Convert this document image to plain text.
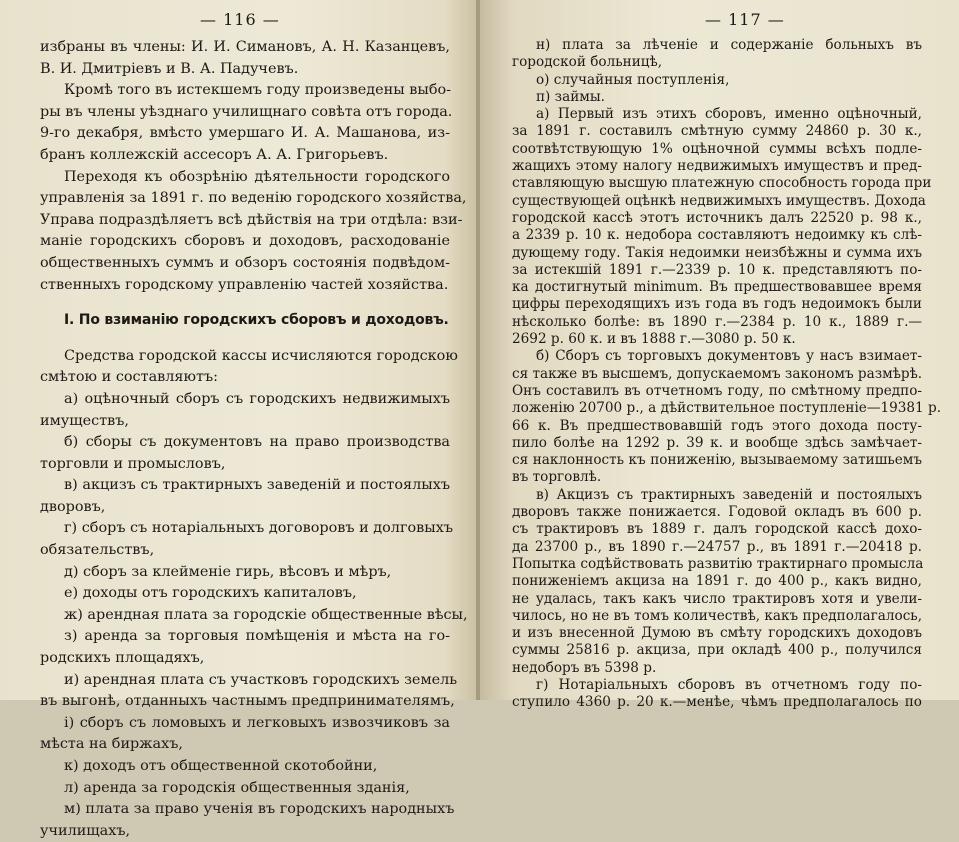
— 116 —
избраны въ члены: И. И. Симановъ, А. Н. Казанцевъ,
В. И. Дмитріевъ и В. А. Падучевъ.
Кромѣ того въ истекшемъ году произведены выбо-
ры въ члены уѣзднаго училищнаго совѣта отъ города.
9-го декабря, вмѣсто умершаго И. А. Машанова, из-
бранъ коллежскій ассесоръ А. А. Григорьевъ.
Переходя къ обозрѣнію дѣятельности городского
управленія за 1891 г. по веденію городского хозяйства,
Управа подраздѣляетъ всѣ дѣйствія на три отдѣла: взи-
маніе городскихъ сборовъ и доходовъ, расходованіе
общественныхъ суммъ и обзоръ состоянія подвѣдом-
ственныхъ городскому управленію частей хозяйства.
I. По взиманію городскихъ сборовъ и доходовъ.
Средства городской кассы исчисляются городскою
смѣтою и составляютъ:
а) оцѣночный сборъ съ городскихъ недвижимыхъ
имуществъ,
б) сборы съ документовъ на право производства
торговли и промысловъ,
в) акцизъ съ трактирныхъ заведеній и постоялыхъ
дворовъ,
г) сборъ съ нотаріальныхъ договоровъ и долговыхъ
обязательствъ,
д) сборъ за клейменіе гирь, вѣсовъ и мѣръ,
е) доходы отъ городскихъ капиталовъ,
ж) арендная плата за городскіе общественные вѣсы,
з) аренда за торговыя помѣщенія и мѣста на го-
родскихъ площадяхъ,
и) арендная плата съ участковъ городскихъ земель
въ выгонѣ, отданныхъ частнымъ предпринимателямъ,
і) сборъ съ ломовыхъ и легковыхъ извозчиковъ за
мѣста на биржахъ,
к) доходъ отъ общественной скотобойни,
л) аренда за городскія общественныя зданія,
м) плата за право ученія въ городскихъ народныхъ
училищахъ,
— 117 —
н) плата за лѣченіе и содержаніе больныхъ въ
городской больницѣ,
о) случайныя поступленія,
п) займы.
а) Первый изъ этихъ сборовъ, именно оцѣночный,
за 1891 г. составилъ смѣтную сумму 24860 р. 30 к.,
соотвѣтствующую 1% оцѣночной суммы всѣхъ подле-
жащихъ этому налогу недвижимыхъ имуществъ и пред-
ставляющую высшую платежную способность города при
существующей оцѣнкѣ недвижимыхъ имуществъ. Дохода
городской кассѣ этотъ источникъ далъ 22520 р. 98 к.,
а 2339 р. 10 к. недобора составляютъ недоимку къ слѣ-
дующему году. Такія недоимки неизбѣжны и сумма ихъ
за истекшій 1891 г.—2339 р. 10 к. представляютъ по-
ка достигнутый minimum. Въ предшествовавшее время
цифры переходящихъ изъ года въ годъ недоимокъ были
нѣсколько болѣе: въ 1890 г.—2384 р. 10 к., 1889 г.—
2692 р. 60 к. и въ 1888 г.—3080 р. 50 к.
б) Сборъ съ торговыхъ документовъ у насъ взимает-
ся также въ высшемъ, допускаемомъ закономъ размѣрѣ.
Онъ составилъ въ отчетномъ году, по смѣтному предпо-
ложенію 20700 р., а дѣйствительное поступленіе—19381 р.
66 к. Въ предшествовавшій годъ этого дохода посту-
пило болѣе на 1292 р. 39 к. и вообще здѣсь замѣчает-
ся наклонность къ пониженію, вызываемому затишьемъ
въ торговлѣ.
в) Акцизъ съ трактирныхъ заведеній и постоялыхъ
дворовъ также понижается. Годовой окладъ въ 600 р.
съ трактировъ въ 1889 г. далъ городской кассѣ дохо-
да 23700 р., въ 1890 г.—24757 р., въ 1891 г.—20418 р.
Попытка содѣйствовать развитію трактирнаго промысла
пониженіемъ акциза на 1891 г. до 400 р., какъ видно,
не удалась, такъ какъ число трактировъ хотя и увели-
чилось, но не въ томъ количествѣ, какъ предполагалось,
и изъ внесенной Думою въ смѣту городскихъ доходовъ
суммы 25816 р. акциза, при окладѣ 400 р., получился
недоборъ въ 5398 р.
г) Нотаріальныхъ сборовъ въ отчетномъ году по-
ступило 4360 р. 20 к.—менѣе, чѣмъ предполагалось по
